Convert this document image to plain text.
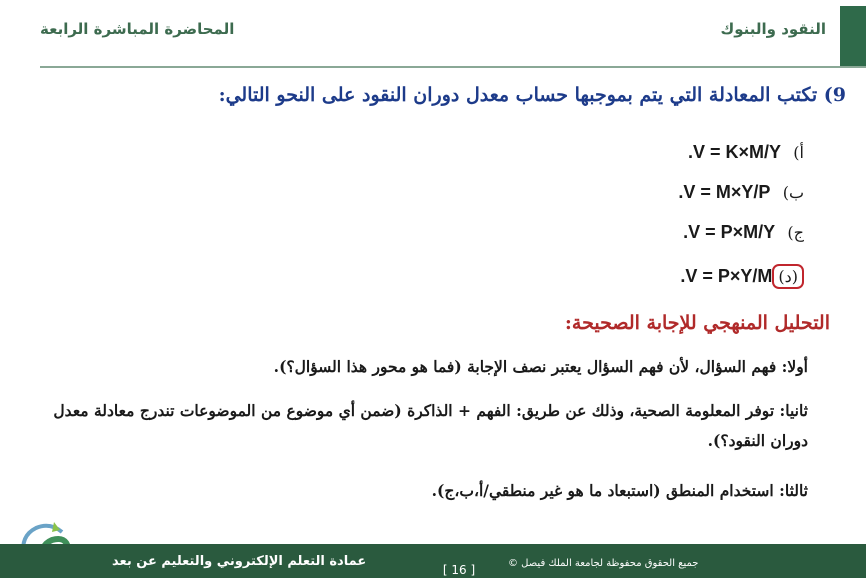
النقود والبنوك
المحاضرة المباشرة الرابعة
9) تكتب المعادلة التي يتم بموجبها حساب معدل دوران النقود على النحو التالي:
.V = K×M/Y (أ
.V = M×Y/P (ب
.V = P×M/Y (ج
.V = P×Y/M (د)
التحليل المنهجي للإجابة الصحيحة:
أولا: فهم السؤال، لأن فهم السؤال يعتبر نصف الإجابة (فما هو محور هذا السؤال؟).
ثانيا: توفر المعلومة الصحية، وذلك عن طريق: الفهم + الذاكرة (ضمن أي موضوع من الموضوعات تندرج معادلة معدل دوران النقود؟).
ثالثا: استخدام المنطق (استبعاد ما هو غير منطقي/أ،ب،ج).
عمادة التعلم الإلكتروني والتعليم عن بعد
[ 16 ]	جميع الحقوق محفوظة لجامعة الملك فيصل ©
